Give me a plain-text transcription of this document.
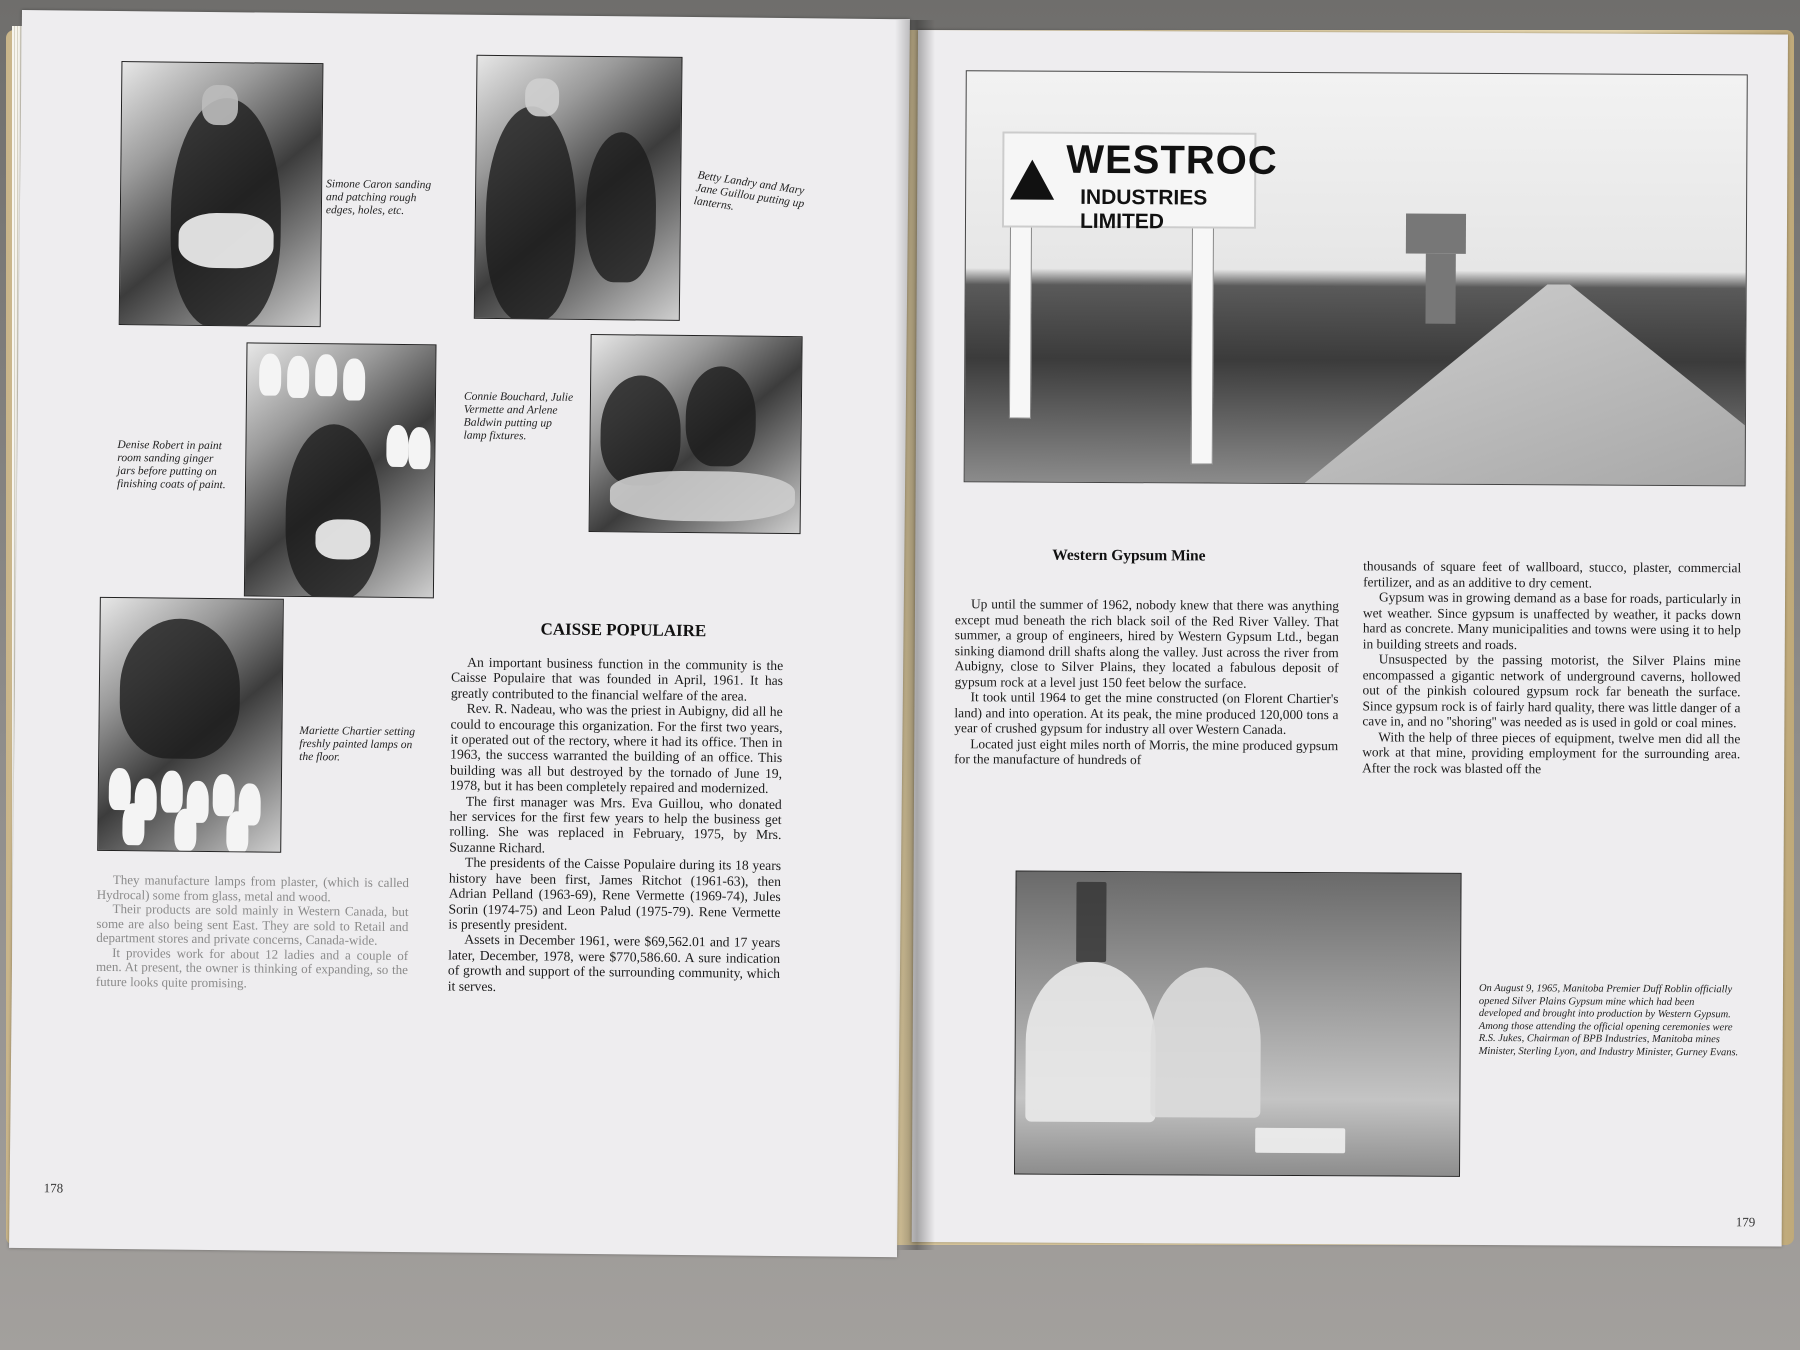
Simone Caron sanding and patching rough edges, holes, etc.
Betty Landry and Mary Jane Guillou putting up lanterns.
Denise Robert in paint room sanding ginger jars before putting on finishing coats of paint.
Connie Bouchard, Julie Vermette and Arlene Baldwin putting up lamp fixtures.
Mariette Chartier setting freshly painted lamps on the floor.

They manufacture lamps from plaster, (which is called Hydrocal) some from glass, metal and wood.

Their products are sold mainly in Western Canada, but some are also being sent East. They are sold to Retail and department stores and private concerns, Canada-wide.

It provides work for about 12 ladies and a couple of men. At present, the owner is thinking of expanding, so the future looks quite promising.

CAISSE POPULAIRE

An important business function in the community is the Caisse Populaire that was founded in April, 1961. It has greatly contributed to the financial welfare of the area.

Rev. R. Nadeau, who was the priest in Aubigny, did all he could to encourage this organization. For the first two years, it operated out of the rectory, where it had its office. Then in 1963, the success warranted the building of an office. This building was all but destroyed by the tornado of June 19, 1978, but it has been completely repaired and modernized.

The first manager was Mrs. Eva Guillou, who donated her services for the first few years to help the business get rolling. She was replaced in February, 1975, by Mrs. Suzanne Richard.

The presidents of the Caisse Populaire during its 18 years history have been first, James Ritchot (1961-63), then Adrian Pelland (1963-69), Rene Vermette (1969-74), Jules Sorin (1974-75) and Leon Palud (1975-79). Rene Vermette is presently president.

Assets in December 1961, were $69,562.01 and 17 years later, December, 1978, were $770,586.60. A sure indication of growth and support of the surrounding community, which it serves.

178
WESTROC
INDUSTRIES LIMITED
Western Gypsum Mine

Up until the summer of 1962, nobody knew that there was anything except mud beneath the rich black soil of the Red River Valley. That summer, a group of engineers, hired by Western Gypsum Ltd., began sinking diamond drill shafts along the valley. Just across the river from Aubigny, close to Silver Plains, they located a fabulous deposit of gypsum rock at a level just 150 feet below the surface.

It took until 1964 to get the mine constructed (on Florent Chartier's land) and into operation. At its peak, the mine produced 120,000 tons a year of crushed gypsum for industry all over Western Canada.

Located just eight miles north of Morris, the mine produced gypsum for the manufacture of hundreds of

thousands of square feet of wallboard, stucco, plaster, commercial fertilizer, and as an additive to dry cement.

Gypsum was in growing demand as a base for roads, particularly in wet weather. Since gypsum is unaffected by weather, it packs down hard as concrete. Many municipalities and towns were using it to help in building streets and roads.

Unsuspected by the passing motorist, the Silver Plains mine encompassed a gigantic network of underground caverns, hollowed out of the pinkish coloured gypsum rock far beneath the surface. Since gypsum rock is of fairly hard quality, there was little danger of a cave in, and no ''shoring'' was needed as is used in gold or coal mines.

With the help of three pieces of equipment, twelve men did all the work at that mine, providing employment for the surrounding area. After the rock was blasted off the

On August 9, 1965, Manitoba Premier Duff Roblin officially opened Silver Plains Gypsum mine which had been developed and brought into production by Western Gypsum. Among those attending the official opening ceremonies were R.S. Jukes, Chairman of BPB Industries, Manitoba mines Minister, Sterling Lyon, and Industry Minister, Gurney Evans.
179
